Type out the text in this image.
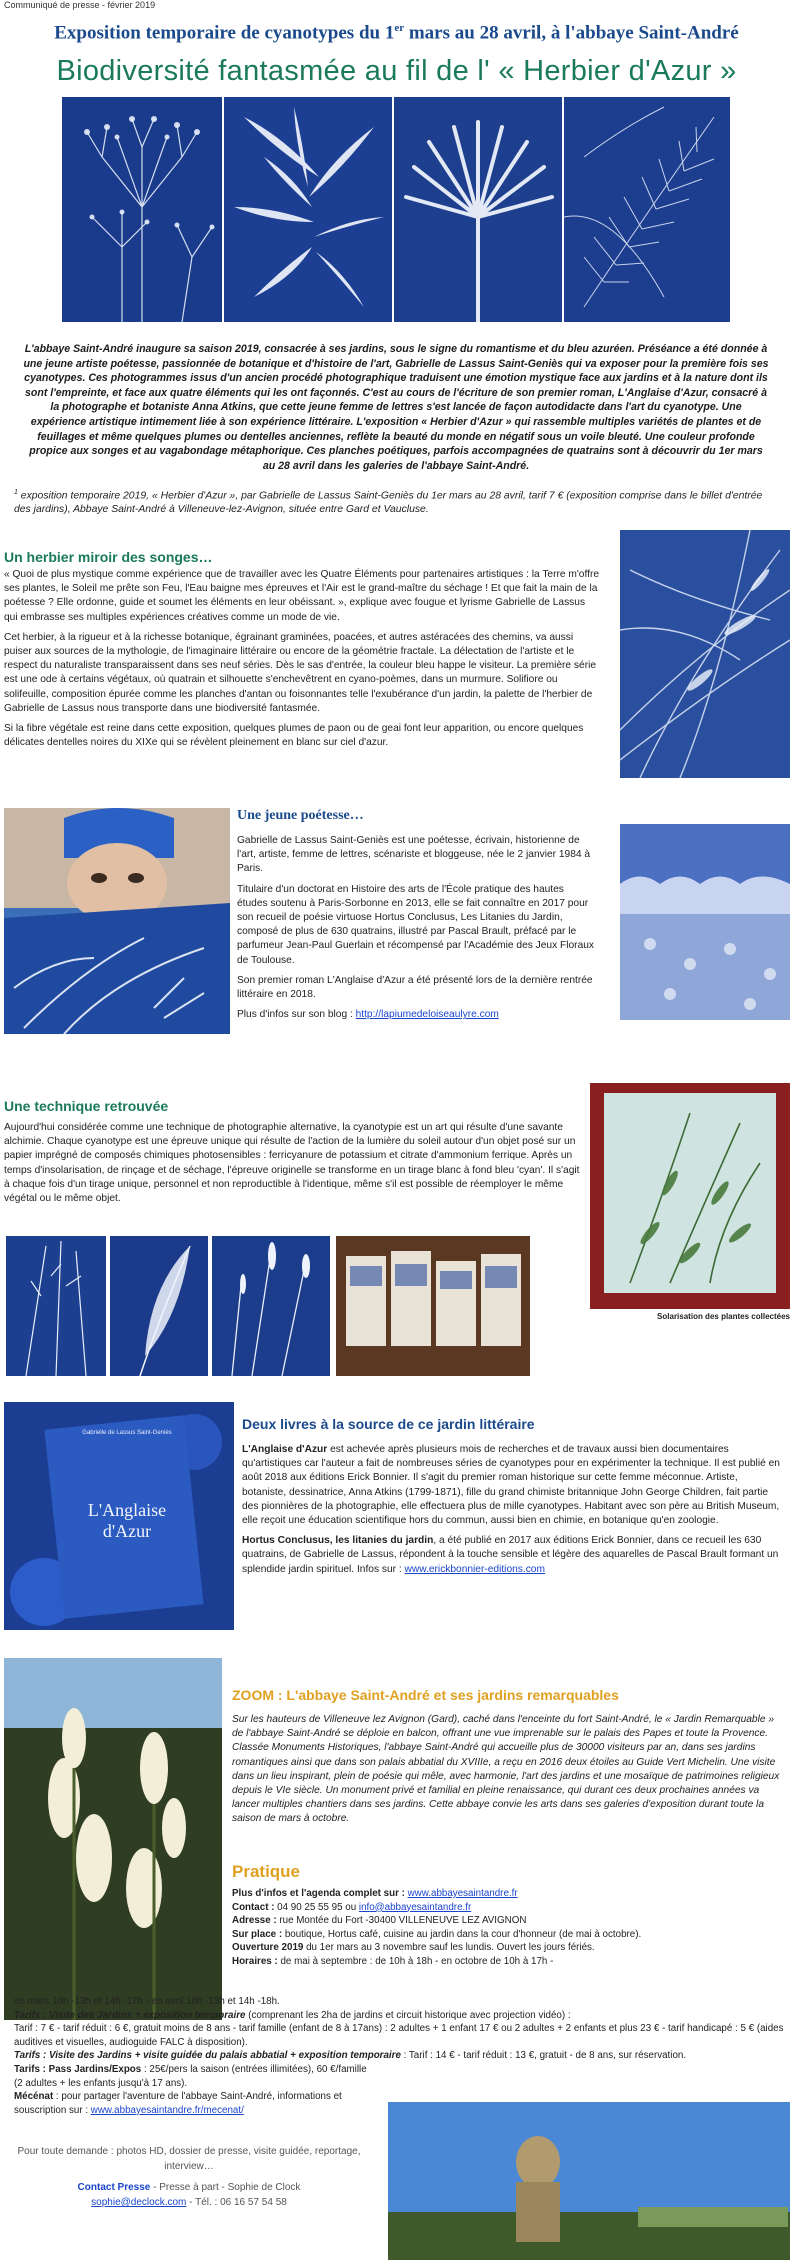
Communiqué de presse - février 2019
Exposition temporaire de cyanotypes du 1er mars au 28 avril, à l'abbaye Saint-André
Biodiversité fantasmée au fil de l' « Herbier d'Azur »
L'abbaye Saint-André inaugure sa saison 2019, consacrée à ses jardins, sous le signe du romantisme et du bleu azuréen. Préséance a été donnée à une jeune artiste poétesse, passionnée de botanique et d'histoire de l'art, Gabrielle de Lassus Saint-Geniès qui va exposer pour la première fois ses cyanotypes. Ces photogrammes issus d'un ancien procédé photographique traduisent une émotion mystique face aux jardins et à la nature dont ils sont l'empreinte, et face aux quatre éléments qui les ont façonnés. C'est au cours de l'écriture de son premier roman, L'Anglaise d'Azur, consacré à la photographe et botaniste Anna Atkins, que cette jeune femme de lettres s'est lancée de façon autodidacte dans l'art du cyanotype. Une expérience artistique intimement liée à son expérience littéraire. L'exposition « Herbier d'Azur » qui rassemble multiples variétés de plantes et de feuillages et même quelques plumes ou dentelles anciennes, reflète la beauté du monde en négatif sous un voile bleuté. Une couleur profonde propice aux songes et au vagabondage métaphorique. Ces planches poétiques, parfois accompagnées de quatrains sont à découvrir du 1er mars au 28 avril dans les galeries de l'abbaye Saint-André.
$^1$ exposition temporaire 2019, « Herbier d'Azur », par Gabrielle de Lassus Saint-Geniès du 1er mars au 28 avril, tarif 7 € (exposition comprise dans le billet d'entrée des jardins), Abbaye Saint-André à Villeneuve-lez-Avignon, située entre Gard et Vaucluse.
Un herbier miroir des songes…

« Quoi de plus mystique comme expérience que de travailler avec les Quatre Éléments pour partenaires artistiques : la Terre m'offre ses plantes, le Soleil me prête son Feu, l'Eau baigne mes épreuves et l'Air est le grand-maître du séchage ! Et que fait la main de la poétesse ? Elle ordonne, guide et soumet les éléments en leur obéissant. », explique avec fougue et lyrisme Gabrielle de Lassus qui embrasse ses multiples expériences créatives comme un mode de vie.

Cet herbier, à la rigueur et à la richesse botanique, égrainant graminées, poacées, et autres astéracées des chemins, va aussi puiser aux sources de la mythologie, de l'imaginaire littéraire ou encore de la géométrie fractale. La délectation de l'artiste et le respect du naturaliste transparaissent dans ses neuf séries. Dès le sas d'entrée, la couleur bleu happe le visiteur. La première série est une ode à certains végétaux, où quatrain et silhouette s'enchevêtrent en cyano-poèmes, dans un murmure. Solifiore ou solifeuille, composition épurée comme les planches d'antan ou foisonnantes telle l'exubérance d'un jardin, la palette de l'herbier de Gabrielle de Lassus nous transporte dans une biodiversité fantasmée.

Si la fibre végétale est reine dans cette exposition, quelques plumes de paon ou de geai font leur apparition, ou encore quelques délicates dentelles noires du XIXe qui se révèlent pleinement en blanc sur ciel d'azur.

Une jeune poétesse…

Gabrielle de Lassus Saint-Geniès est une poétesse, écrivain, historienne de l'art, artiste, femme de lettres, scénariste et bloggeuse, née le 2 janvier 1984 à Paris.

Titulaire d'un doctorat en Histoire des arts de l'École pratique des hautes études soutenu à Paris-Sorbonne en 2013, elle se fait connaître en 2017 pour son recueil de poésie virtuose Hortus Conclusus, Les Litanies du Jardin, composé de plus de 630 quatrains, illustré par Pascal Brault, préfacé par le parfumeur Jean-Paul Guerlain et récompensé par l'Académie des Jeux Floraux de Toulouse.

Son premier roman L'Anglaise d'Azur a été présenté lors de la dernière rentrée littéraire en 2018.

Plus d'infos sur son blog : http://lapiumedeloiseaulyre.com

Une technique retrouvée

Aujourd'hui considérée comme une technique de photographie alternative, la cyanotypie est un art qui résulte d'une savante alchimie. Chaque cyanotype est une épreuve unique qui résulte de l'action de la lumière du soleil autour d'un objet posé sur un papier imprégné de composés chimiques photosensibles : ferricyanure de potassium et citrate d'ammonium ferrique. Après un temps d'insolarisation, de rinçage et de séchage, l'épreuve originelle se transforme en un tirage blanc à fond bleu 'cyan'. Il s'agit à chaque fois d'un tirage unique, personnel et non reproductible à l'identique, même s'il est possible de réemployer le même végétal ou le même objet.

Solarisation des plantes collectées
Gabrielle de Lassus Saint-Geniès
L'Anglaise d'Azur
Deux livres à la source de ce jardin littéraire

L'Anglaise d'Azur est achevée après plusieurs mois de recherches et de travaux aussi bien documentaires qu'artistiques car l'auteur a fait de nombreuses séries de cyanotypes pour en expérimenter la technique. Il est publié en août 2018 aux éditions Erick Bonnier. Il s'agit du premier roman historique sur cette femme méconnue. Artiste, botaniste, dessinatrice, Anna Atkins (1799-1871), fille du grand chimiste britannique John George Children, fait partie des pionnières de la photographie, elle effectuera plus de mille cyanotypes. Habitant avec son père au British Museum, elle reçoit une éducation scientifique hors du commun, aussi bien en chimie, en botanique qu'en zoologie.

Hortus Conclusus, les litanies du jardin, a été publié en 2017 aux éditions Erick Bonnier, dans ce recueil les 630 quatrains, de Gabrielle de Lassus, répondent à la touche sensible et légère des aquarelles de Pascal Brault formant un splendide jardin spirituel. Infos sur : www.erickbonnier-editions.com

ZOOM : L'abbaye Saint-André et ses jardins remarquables

Sur les hauteurs de Villeneuve lez Avignon (Gard), caché dans l'enceinte du fort Saint-André, le « Jardin Remarquable » de l'abbaye Saint-André se déploie en balcon, offrant une vue imprenable sur le palais des Papes et toute la Provence. Classée Monuments Historiques, l'abbaye Saint-André qui accueille plus de 30000 visiteurs par an, dans ses jardins romantiques ainsi que dans son palais abbatial du XVIIIe, a reçu en 2016 deux étoiles au Guide Vert Michelin. Une visite dans un lieu inspirant, plein de poésie qui mêle, avec harmonie, l'art des jardins et une mosaïque de patrimoines religieux depuis le VIe siècle. Un monument privé et familial en pleine renaissance, qui durant ces deux prochaines années va lancer multiples chantiers dans ses jardins. Cette abbaye convie les arts dans ses galeries d'exposition durant toute la saison de mars à octobre.

Pratique
Plus d'infos et l'agenda complet sur : www.abbayesaintandre.fr
Contact : 04 90 25 55 95 ou info@abbayesaintandre.fr
Adresse : rue Montée du Fort -30400 VILLENEUVE LEZ AVIGNON
Sur place : boutique, Hortus café, cuisine au jardin dans la cour d'honneur (de mai à octobre).
Ouverture 2019 du 1er mars au 3 novembre sauf les lundis. Ouvert les jours fériés.
Horaires : de mai à septembre : de 10h à 18h - en octobre de 10h à 17h -
en mars 10h -13h et 14h -17h - en avril 10h -13h et 14h -18h.
Tarifs : Visite des Jardins + exposition temporaire (comprenant les 2ha de jardins et circuit historique avec projection vidéo) :
Tarif : 7 € - tarif réduit : 6 €, gratuit moins de 8 ans - tarif famille (enfant de 8 à 17ans) : 2 adultes + 1 enfant 17 € ou 2 adultes + 2 enfants et plus 23 € - tarif handicapé : 5 € (aides auditives et visuelles, audioguide FALC à disposition).
Tarifs : Visite des Jardins + visite guidée du palais abbatial + exposition temporaire : Tarif : 14 € - tarif réduit : 13 €, gratuit - de 8 ans, sur réservation.
Tarifs : Pass Jardins/Expos : 25€/pers la saison (entrées illimitées), 60 €/famille
(2 adultes + les enfants jusqu'à 17 ans).
Mécénat : pour partager l'aventure de l'abbaye Saint-André, informations et souscription sur : www.abbayesaintandre.fr/mecenat/
Pour toute demande : photos HD, dossier de presse, visite guidée, reportage, interview…
Contact Presse - Presse à part - Sophie de Clock
sophie@declock.com - Tél. : 06 16 57 54 58
